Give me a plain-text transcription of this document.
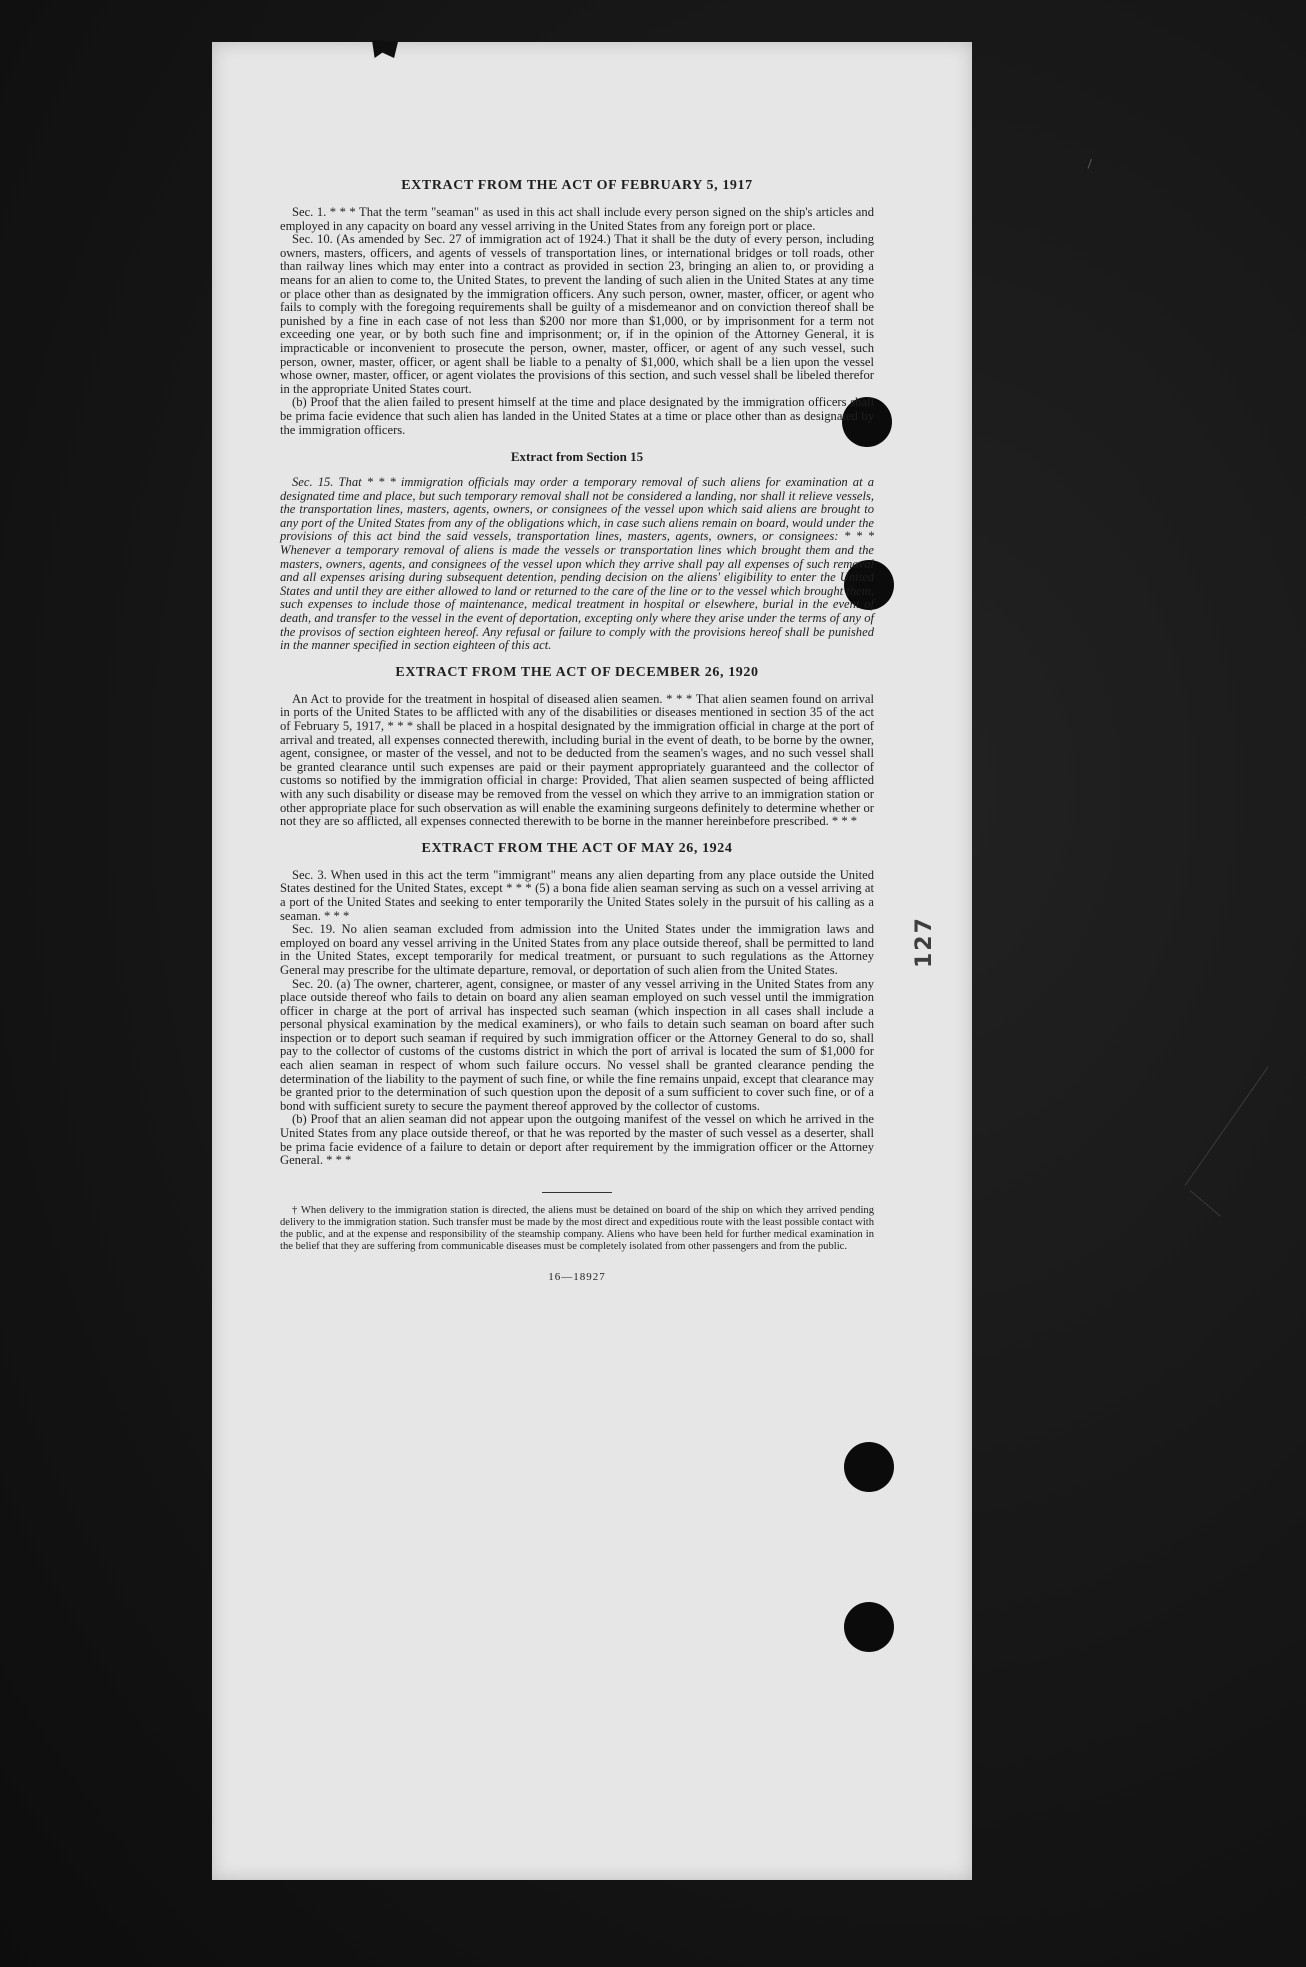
127
EXTRACT FROM THE ACT OF FEBRUARY 5, 1917

Sec. 1. * * * That the term "seaman" as used in this act shall include every person signed on the ship's articles and employed in any capacity on board any vessel arriving in the United States from any foreign port or place.

Sec. 10. (As amended by Sec. 27 of immigration act of 1924.) That it shall be the duty of every person, including owners, masters, officers, and agents of vessels of transportation lines, or international bridges or toll roads, other than railway lines which may enter into a contract as provided in section 23, bringing an alien to, or providing a means for an alien to come to, the United States, to prevent the landing of such alien in the United States at any time or place other than as designated by the immigration officers. Any such person, owner, master, officer, or agent who fails to comply with the foregoing requirements shall be guilty of a misdemeanor and on conviction thereof shall be punished by a fine in each case of not less than $200 nor more than $1,000, or by imprisonment for a term not exceeding one year, or by both such fine and imprisonment; or, if in the opinion of the Attorney General, it is impracticable or inconvenient to prosecute the person, owner, master, officer, or agent of any such vessel, such person, owner, master, officer, or agent shall be liable to a penalty of $1,000, which shall be a lien upon the vessel whose owner, master, officer, or agent violates the provisions of this section, and such vessel shall be libeled therefor in the appropriate United States court.

(b) Proof that the alien failed to present himself at the time and place designated by the immigration officers shall be prima facie evidence that such alien has landed in the United States at a time or place other than as designated by the immigration officers.

Extract from Section 15

Sec. 15. That * * * immigration officials may order a temporary removal of such aliens for examination at a designated time and place, but such temporary removal shall not be considered a landing, nor shall it relieve vessels, the transportation lines, masters, agents, owners, or consignees of the vessel upon which said aliens are brought to any port of the United States from any of the obligations which, in case such aliens remain on board, would under the provisions of this act bind the said vessels, transportation lines, masters, agents, owners, or consignees: * * * Whenever a temporary removal of aliens is made the vessels or transportation lines which brought them and the masters, owners, agents, and consignees of the vessel upon which they arrive shall pay all expenses of such removal and all expenses arising during subsequent detention, pending decision on the aliens' eligibility to enter the United States and until they are either allowed to land or returned to the care of the line or to the vessel which brought them, such expenses to include those of maintenance, medical treatment in hospital or elsewhere, burial in the event of death, and transfer to the vessel in the event of deportation, excepting only where they arise under the terms of any of the provisos of section eighteen hereof. Any refusal or failure to comply with the provisions hereof shall be punished in the manner specified in section eighteen of this act.

EXTRACT FROM THE ACT OF DECEMBER 26, 1920

An Act to provide for the treatment in hospital of diseased alien seamen. * * * That alien seamen found on arrival in ports of the United States to be afflicted with any of the disabilities or diseases mentioned in section 35 of the act of February 5, 1917, * * * shall be placed in a hospital designated by the immigration official in charge at the port of arrival and treated, all expenses connected therewith, including burial in the event of death, to be borne by the owner, agent, consignee, or master of the vessel, and not to be deducted from the seamen's wages, and no such vessel shall be granted clearance until such expenses are paid or their payment appropriately guaranteed and the collector of customs so notified by the immigration official in charge: Provided, That alien seamen suspected of being afflicted with any such disability or disease may be removed from the vessel on which they arrive to an immigration station or other appropriate place for such observation as will enable the examining surgeons definitely to determine whether or not they are so afflicted, all expenses connected therewith to be borne in the manner hereinbefore prescribed. * * *

EXTRACT FROM THE ACT OF MAY 26, 1924

Sec. 3. When used in this act the term "immigrant" means any alien departing from any place outside the United States destined for the United States, except * * * (5) a bona fide alien seaman serving as such on a vessel arriving at a port of the United States and seeking to enter temporarily the United States solely in the pursuit of his calling as a seaman. * * *

Sec. 19. No alien seaman excluded from admission into the United States under the immigration laws and employed on board any vessel arriving in the United States from any place outside thereof, shall be permitted to land in the United States, except temporarily for medical treatment, or pursuant to such regulations as the Attorney General may prescribe for the ultimate departure, removal, or deportation of such alien from the United States.

Sec. 20. (a) The owner, charterer, agent, consignee, or master of any vessel arriving in the United States from any place outside thereof who fails to detain on board any alien seaman employed on such vessel until the immigration officer in charge at the port of arrival has inspected such seaman (which inspection in all cases shall include a personal physical examination by the medical examiners), or who fails to detain such seaman on board after such inspection or to deport such seaman if required by such immigration officer or the Attorney General to do so, shall pay to the collector of customs of the customs district in which the port of arrival is located the sum of $1,000 for each alien seaman in respect of whom such failure occurs. No vessel shall be granted clearance pending the determination of the liability to the payment of such fine, or while the fine remains unpaid, except that clearance may be granted prior to the determination of such question upon the deposit of a sum sufficient to cover such fine, or of a bond with sufficient surety to secure the payment thereof approved by the collector of customs.

(b) Proof that an alien seaman did not appear upon the outgoing manifest of the vessel on which he arrived in the United States from any place outside thereof, or that he was reported by the master of such vessel as a deserter, shall be prima facie evidence of a failure to detain or deport after requirement by the immigration officer or the Attorney General. * * *

† When delivery to the immigration station is directed, the aliens must be detained on board of the ship on which they arrived pending delivery to the immigration station. Such transfer must be made by the most direct and expeditious route with the least possible contact with the public, and at the expense and responsibility of the steamship company. Aliens who have been held for further medical examination in the belief that they are suffering from communicable diseases must be completely isolated from other passengers and from the public.

16—18927
